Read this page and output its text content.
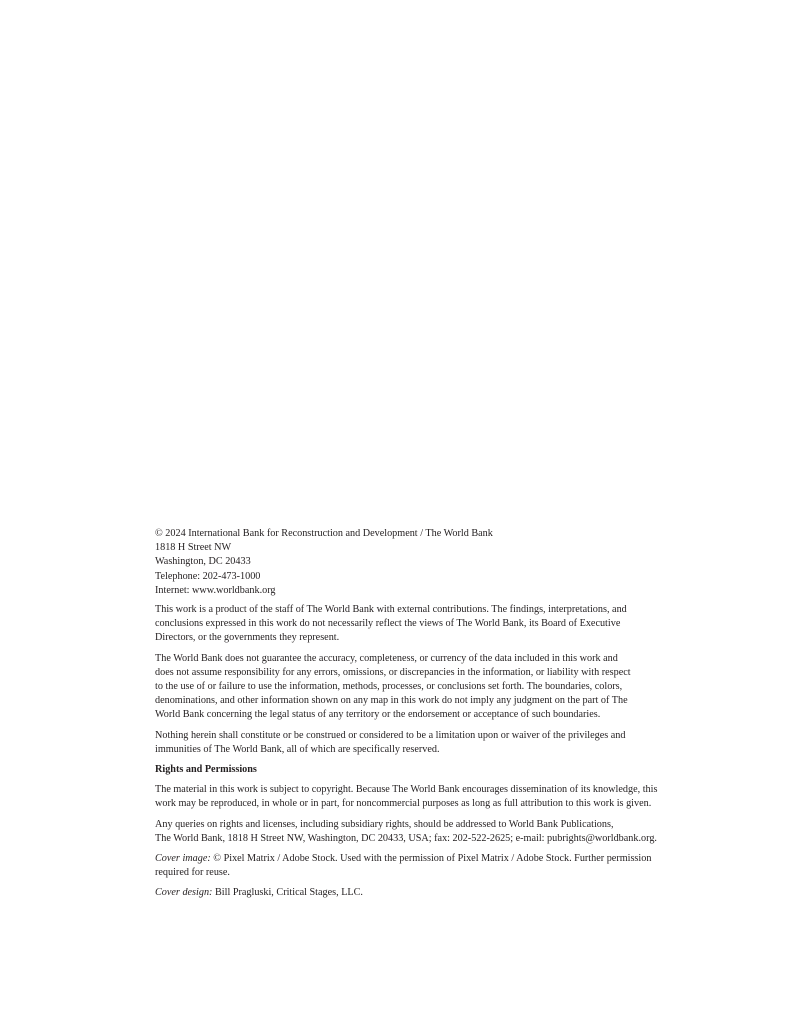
© 2024 International Bank for Reconstruction and Development / The World Bank
1818 H Street NW
Washington, DC 20433
Telephone: 202-473-1000
Internet: www.worldbank.org

This work is a product of the staff of The World Bank with external contributions. The findings, interpretations, and
conclusions expressed in this work do not necessarily reflect the views of The World Bank, its Board of Executive
Directors, or the governments they represent.

The World Bank does not guarantee the accuracy, completeness, or currency of the data included in this work and
does not assume responsibility for any errors, omissions, or discrepancies in the information, or liability with respect
to the use of or failure to use the information, methods, processes, or conclusions set forth. The boundaries, colors,
denominations, and other information shown on any map in this work do not imply any judgment on the part of The
World Bank concerning the legal status of any territory or the endorsement or acceptance of such boundaries.

Nothing herein shall constitute or be construed or considered to be a limitation upon or waiver of the privileges and
immunities of The World Bank, all of which are specifically reserved.

Rights and Permissions

The material in this work is subject to copyright. Because The World Bank encourages dissemination of its knowledge, this
work may be reproduced, in whole or in part, for noncommercial purposes as long as full attribution to this work is given.

Any queries on rights and licenses, including subsidiary rights, should be addressed to World Bank Publications,
The World Bank, 1818 H Street NW, Washington, DC 20433, USA; fax: 202-522-2625; e-mail: pubrights@worldbank.org.

Cover image: © Pixel Matrix / Adobe Stock. Used with the permission of Pixel Matrix / Adobe Stock. Further permission
required for reuse.

Cover design: Bill Pragluski, Critical Stages, LLC.
